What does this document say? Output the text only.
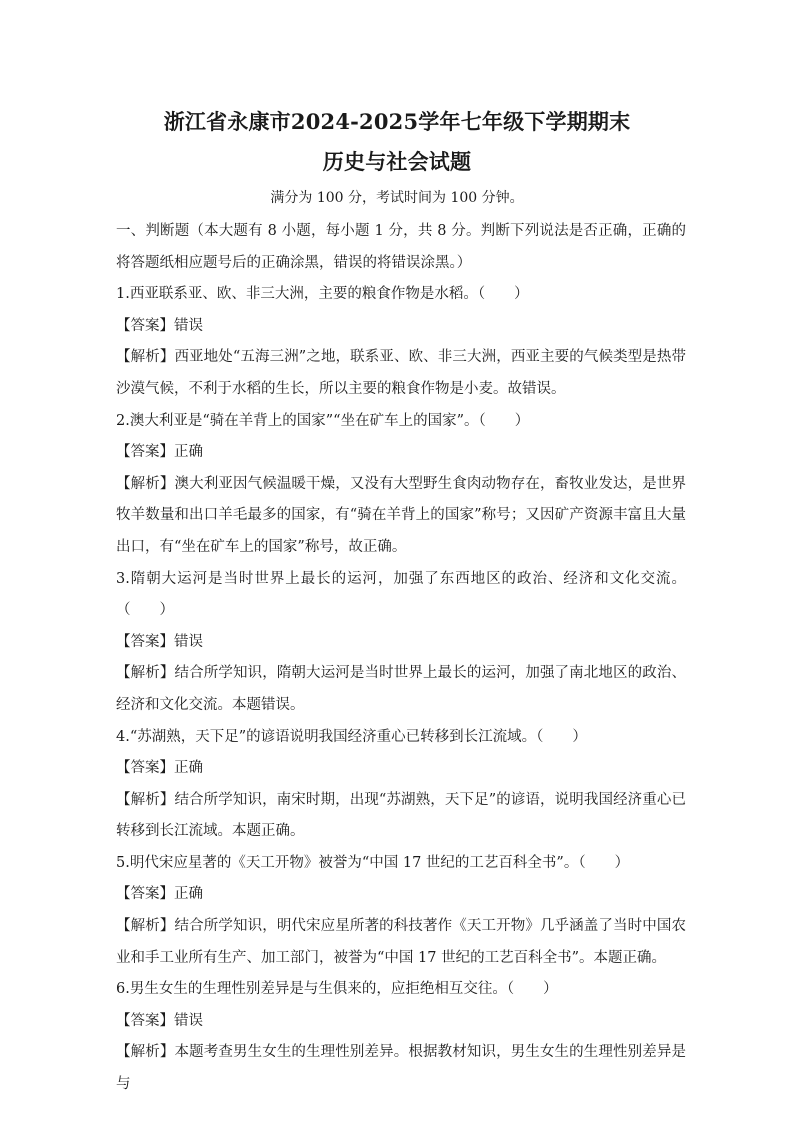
浙江省永康市2024-2025学年七年级下学期期末
历史与社会试题
满分为 100 分，考试时间为 100 分钟。

一、判断题（本大题有 8 小题，每小题 1 分，共 8 分。判断下列说法是否正确，正确的将答题纸相应题号后的正确涂黑，错误的将错误涂黑。）

1.西亚联系亚、欧、非三大洲，主要的粮食作物是水稻。（　　）

【答案】错误

【解析】西亚地处“五海三洲”之地，联系亚、欧、非三大洲，西亚主要的气候类型是热带沙漠气候，不利于水稻的生长，所以主要的粮食作物是小麦。故错误。

2.澳大利亚是“骑在羊背上的国家”“坐在矿车上的国家”。（　　）

【答案】正确

【解析】澳大利亚因气候温暖干燥，又没有大型野生食肉动物存在，畜牧业发达，是世界牧羊数量和出口羊毛最多的国家，有“骑在羊背上的国家”称号；又因矿产资源丰富且大量出口，有“坐在矿车上的国家”称号，故正确。

3.隋朝大运河是当时世界上最长的运河，加强了东西地区的政治、经济和文化交流。（　　）

【答案】错误

【解析】结合所学知识，隋朝大运河是当时世界上最长的运河，加强了南北地区的政治、经济和文化交流。本题错误。

4.“苏湖熟，天下足”的谚语说明我国经济重心已转移到长江流域。（　　）

【答案】正确

【解析】结合所学知识，南宋时期，出现“苏湖熟，天下足”的谚语，说明我国经济重心已转移到长江流域。本题正确。

5.明代宋应星著的《天工开物》被誉为“中国 17 世纪的工艺百科全书”。（　　）

【答案】正确

【解析】结合所学知识，明代宋应星所著的科技著作《天工开物》几乎涵盖了当时中国农业和手工业所有生产、加工部门，被誉为“中国 17 世纪的工艺百科全书”。本题正确。

6.男生女生的生理性别差异是与生俱来的，应拒绝相互交往。（　　）

【答案】错误

【解析】本题考查男生女生的生理性别差异。根据教材知识，男生女生的生理性别差异是与
